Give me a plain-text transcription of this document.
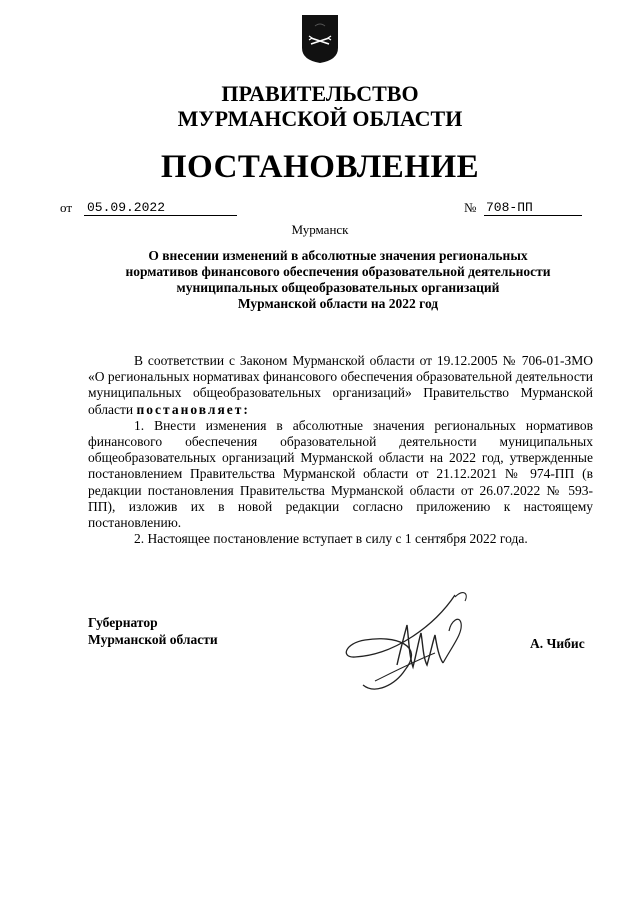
ПРАВИТЕЛЬСТВО
МУРМАНСКОЙ ОБЛАСТИ
ПОСТАНОВЛЕНИЕ
от 05.09.2022	№ 708-ПП
Мурманск
О внесении изменений в абсолютные значения региональных
нормативов финансового обеспечения образовательной деятельности
муниципальных общеобразовательных организаций
Мурманской области на 2022 год

В соответствии с Законом Мурманской области от 19.12.2005 № 706-01-ЗМО «О региональных нормативах финансового обеспечения образовательной деятельности муниципальных общеобразовательных организаций» Правительство Мурманской области постановляет:

1. Внести изменения в абсолютные значения региональных нормативов финансового обеспечения образовательной деятельности муниципальных общеобразовательных организаций Мурманской области на 2022 год, утвержденные постановлением Правительства Мурманской области от 21.12.2021 № 974-ПП (в редакции постановления Правительства Мурманской области от 26.07.2022 № 593-ПП), изложив их в новой редакции согласно приложению к настоящему постановлению.

2. Настоящее постановление вступает в силу с 1 сентября 2022 года.

Губернатор
Мурманской области	А. Чибис
